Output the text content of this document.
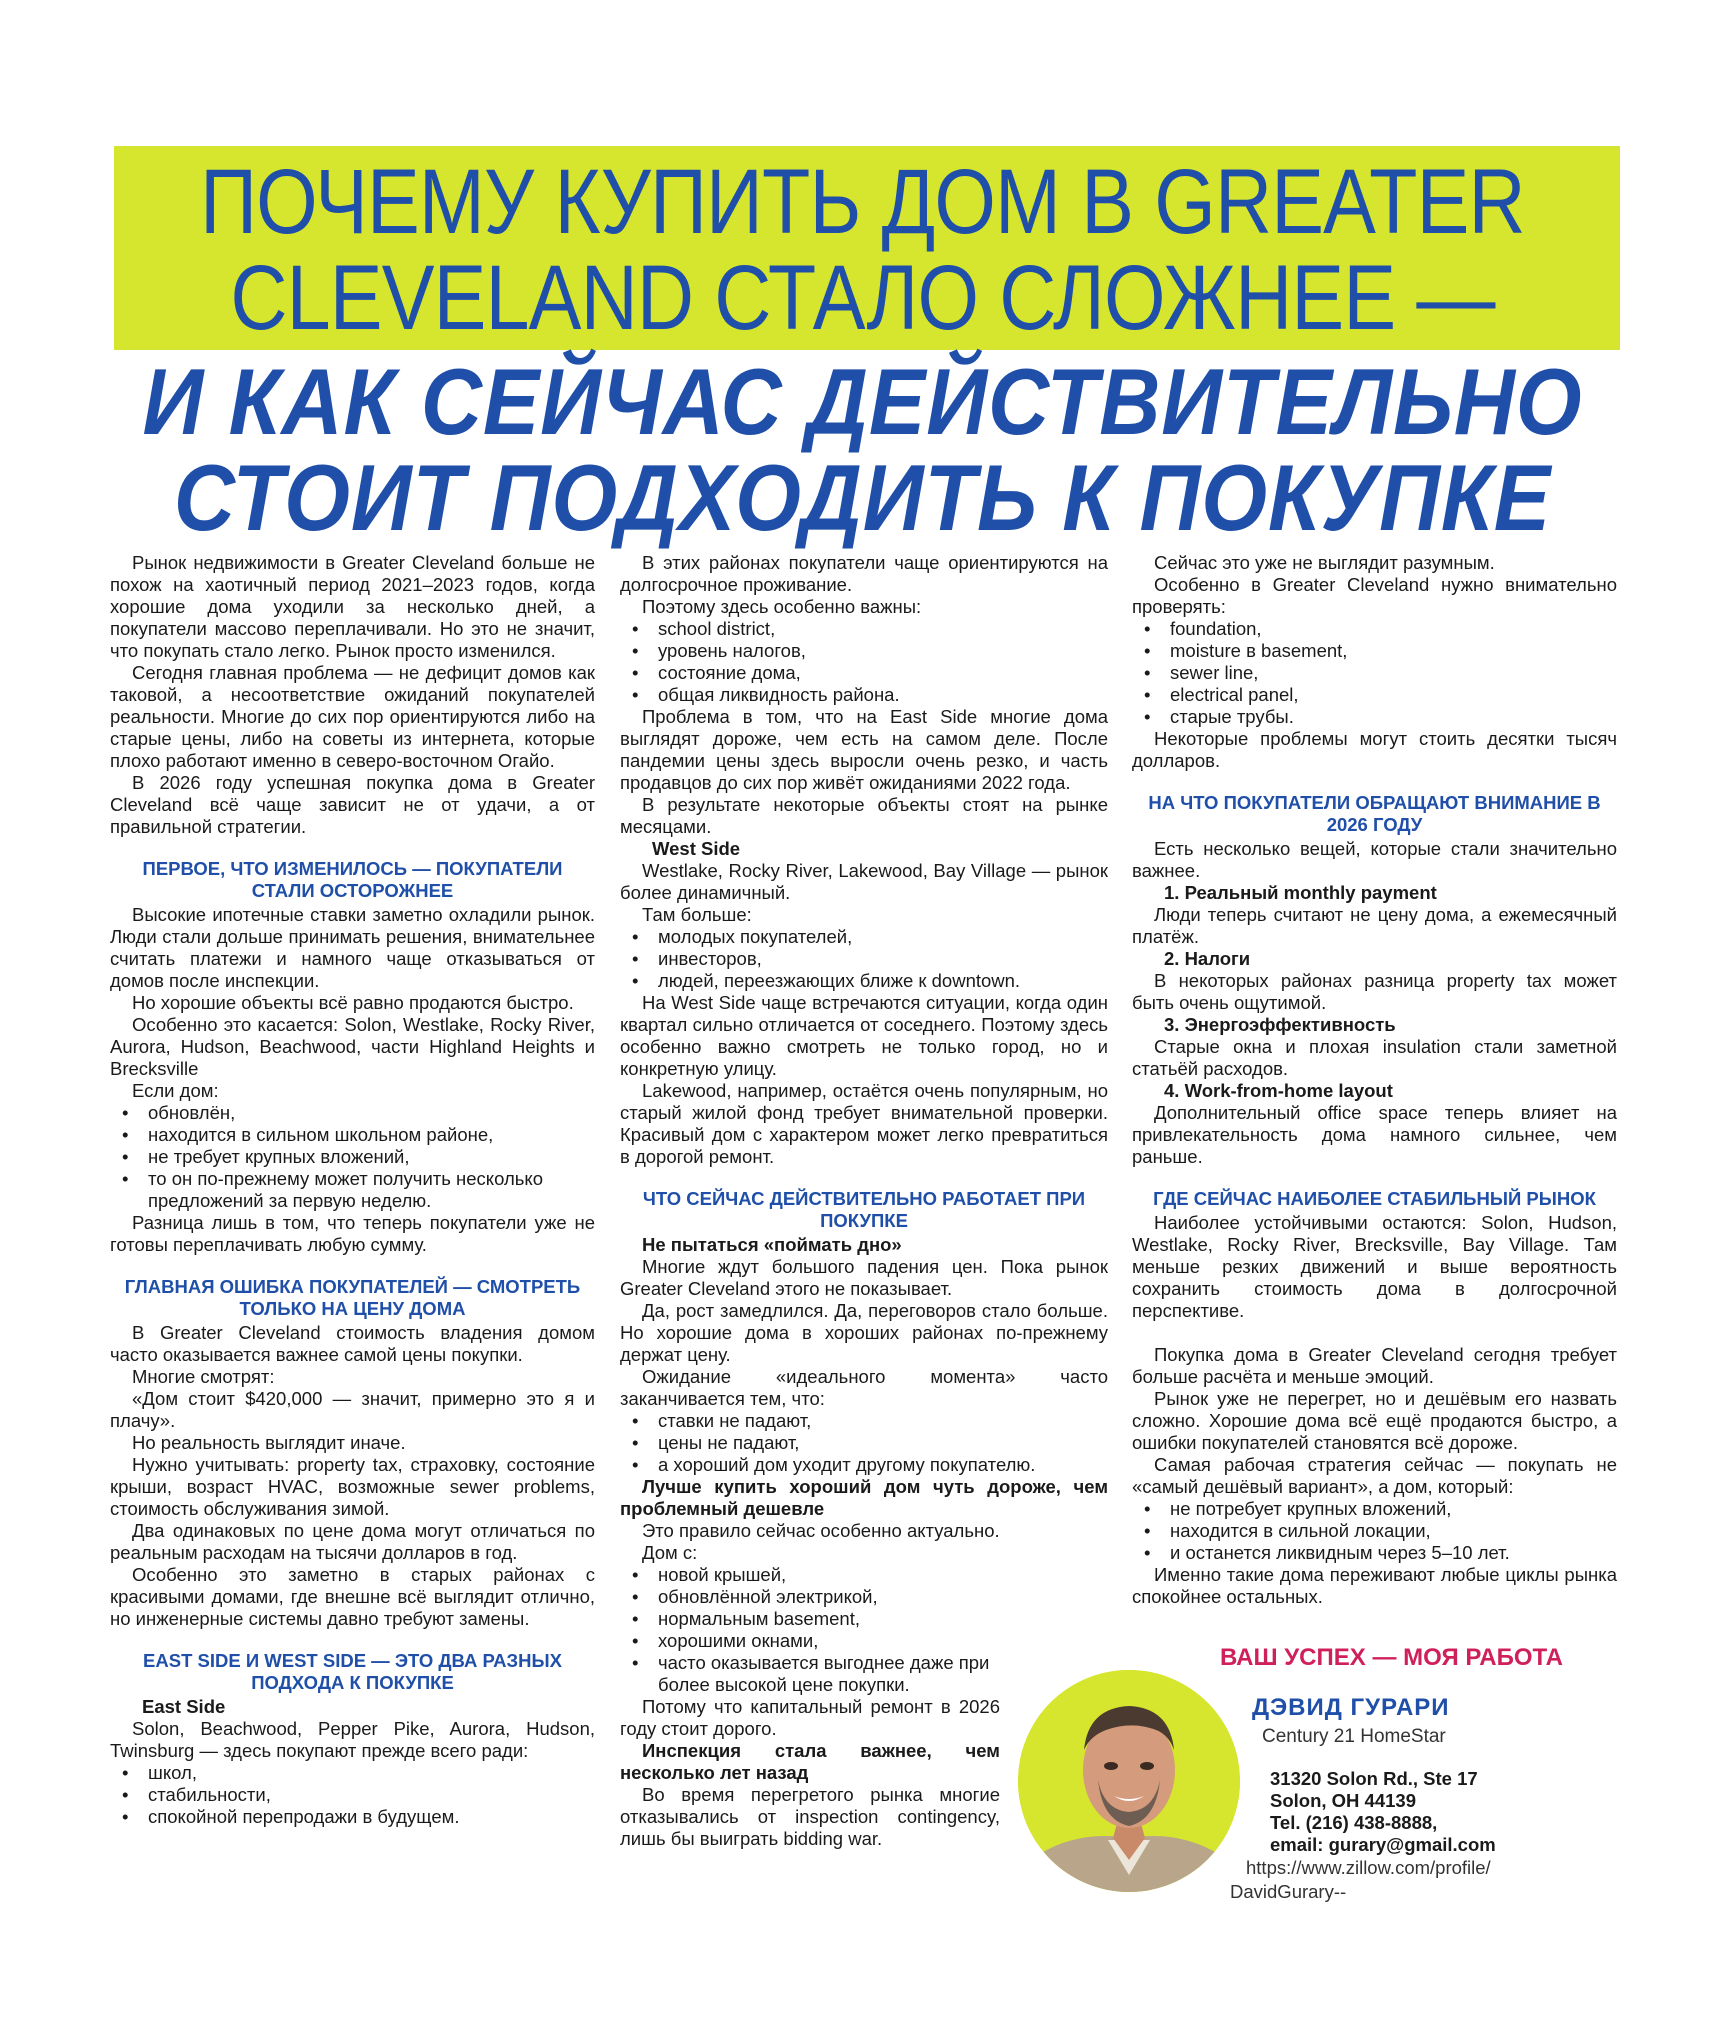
ПОЧЕМУ КУПИТЬ ДОМ В GREATER
CLEVELAND СТАЛО СЛОЖНЕЕ —
И КАК СЕЙЧАС ДЕЙСТВИТЕЛЬНО
СТОИТ ПОДХОДИТЬ К ПОКУПКЕ

Рынок недвижимости в Greater Cleveland больше не похож на хаотичный период 2021–2023 годов, когда хорошие дома уходили за несколько дней, а покупатели массово переплачивали. Но это не значит, что покупать стало легко. Рынок просто изменился.

Сегодня главная проблема — не дефицит домов как таковой, а несоответствие ожиданий покупателей реальности. Многие до сих пор ориентируются либо на старые цены, либо на советы из интернета, которые плохо работают именно в северо-восточном Огайо.

В 2026 году успешная покупка дома в Greater Cleveland всё чаще зависит не от удачи, а от правильной стратегии.

ПЕРВОЕ, ЧТО ИЗМЕНИЛОСЬ — ПОКУПАТЕЛИ СТАЛИ ОСТОРОЖНЕЕ

Высокие ипотечные ставки заметно охладили рынок. Люди стали дольше принимать решения, внимательнее считать платежи и намного чаще отказываться от домов после инспекции.

Но хорошие объекты всё равно продаются быстро.

Особенно это касается: Solon, Westlake, Rocky River, Aurora, Hudson, Beachwood, части Highland Heights и Brecksville

Если дом:

• обновлён,
• находится в сильном школьном районе,
• не требует крупных вложений,
• то он по-прежнему может получить несколько предложений за первую неделю.

Разница лишь в том, что теперь покупатели уже не готовы переплачивать любую сумму.

ГЛАВНАЯ ОШИБКА ПОКУПАТЕЛЕЙ — СМОТРЕТЬ ТОЛЬКО НА ЦЕНУ ДОМА

В Greater Cleveland стоимость владения домом часто оказывается важнее самой цены покупки.

Многие смотрят:

«Дом стоит $420,000 — значит, примерно это я и плачу».

Но реальность выглядит иначе.

Нужно учитывать: property tax, страховку, состояние крыши, возраст HVAC, возможные sewer problems, стоимость обслуживания зимой.

Два одинаковых по цене дома могут отличаться по реальным расходам на тысячи долларов в год.

Особенно это заметно в старых районах с красивыми домами, где внешне всё выглядит отлично, но инженерные системы давно требуют замены.

EAST SIDE И WEST SIDE — ЭТО ДВА РАЗНЫХ ПОДХОДА К ПОКУПКЕ

East Side

Solon, Beachwood, Pepper Pike, Aurora, Hudson, Twinsburg — здесь покупают прежде всего ради:

• школ,
• стабильности,
• спокойной перепродажи в будущем.

В этих районах покупатели чаще ориентируются на долгосрочное проживание.

Поэтому здесь особенно важны:

• school district,
• уровень налогов,
• состояние дома,
• общая ликвидность района.

Проблема в том, что на East Side многие дома выглядят дороже, чем есть на самом деле. После пандемии цены здесь выросли очень резко, и часть продавцов до сих пор живёт ожиданиями 2022 года.

В результате некоторые объекты стоят на рынке месяцами.

West Side

Westlake, Rocky River, Lakewood, Bay Village — рынок более динамичный.

Там больше:

• молодых покупателей,
• инвесторов,
• людей, переезжающих ближе к downtown.

На West Side чаще встречаются ситуации, когда один квартал сильно отличается от соседнего. Поэтому здесь особенно важно смотреть не только город, но и конкретную улицу.

Lakewood, например, остаётся очень популярным, но старый жилой фонд требует внимательной проверки. Красивый дом с характером может легко превратиться в дорогой ремонт.

ЧТО СЕЙЧАС ДЕЙСТВИТЕЛЬНО РАБОТАЕТ ПРИ ПОКУПКЕ

Не пытаться «поймать дно»

Многие ждут большого падения цен. Пока рынок Greater Cleveland этого не показывает.

Да, рост замедлился. Да, переговоров стало больше. Но хорошие дома в хороших районах по-прежнему держат цену.

Ожидание «идеального момента» часто заканчивается тем, что:

• ставки не падают,
• цены не падают,
• а хороший дом уходит другому покупателю.

Лучше купить хороший дом чуть дороже, чем проблемный дешевле

Это правило сейчас особенно актуально.

Дом с:

• новой крышей,
• обновлённой электрикой,
• нормальным basement,
• хорошими окнами,
• часто оказывается выгоднее даже при более высокой цене покупки.

Потому что капитальный ремонт в 2026 году стоит дорого.

Инспекция стала важнее, чем несколько лет назад

Во время перегретого рынка многие отказывались от inspection contingency, лишь бы выиграть bidding war.

Сейчас это уже не выглядит разумным.

Особенно в Greater Cleveland нужно внимательно проверять:

• foundation,
• moisture в basement,
• sewer line,
• electrical panel,
• старые трубы.

Некоторые проблемы могут стоить десятки тысяч долларов.

НА ЧТО ПОКУПАТЕЛИ ОБРАЩАЮТ ВНИМАНИЕ В 2026 ГОДУ

Есть несколько вещей, которые стали значительно важнее.

1. Реальный monthly payment

Люди теперь считают не цену дома, а ежемесячный платёж.

2. Налоги

В некоторых районах разница property tax может быть очень ощутимой.

3. Энергоэффективность

Старые окна и плохая insulation стали заметной статьёй расходов.

4. Work-from-home layout

Дополнительный office space теперь влияет на привлекательность дома намного сильнее, чем раньше.

ГДЕ СЕЙЧАС НАИБОЛЕЕ СТАБИЛЬНЫЙ РЫНОК

Наиболее устойчивыми остаются: Solon, Hudson, Westlake, Rocky River, Brecksville, Bay Village. Там меньше резких движений и выше вероятность сохранить стоимость дома в долгосрочной перспективе.

Покупка дома в Greater Cleveland сегодня требует больше расчёта и меньше эмоций.

Рынок уже не перегрет, но и дешёвым его назвать сложно. Хорошие дома всё ещё продаются быстро, а ошибки покупателей становятся всё дороже.

Самая рабочая стратегия сейчас — покупать не «самый дешёвый вариант», а дом, который:

• не потребует крупных вложений,
• находится в сильной локации,
• и останется ликвидным через 5–10 лет.

Именно такие дома переживают любые циклы рынка спокойнее остальных.

ВАШ УСПЕХ — МОЯ РАБОТА
ДЭВИД ГУРАРИ
Century 21 HomeStar
31320 Solon Rd., Ste 17
Solon, OH 44139
Tel. (216) 438-8888,
email: gurary@gmail.com
https://www.zillow.com/profile/
DavidGurary--
